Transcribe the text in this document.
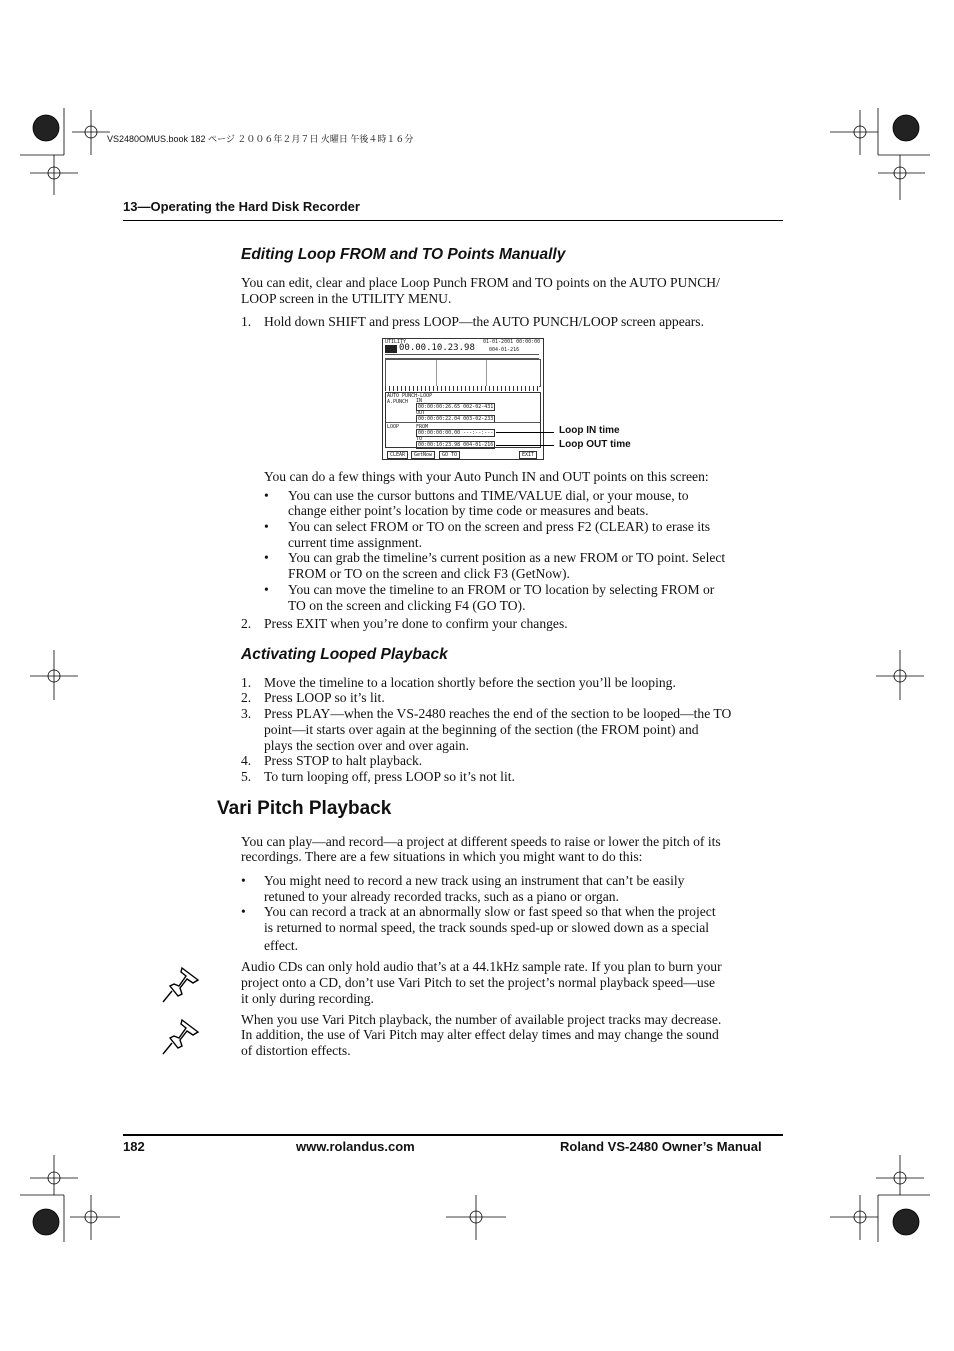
VS2480OMUS.book 182 ページ ２００６年２月７日 火曜日 午後４時１６分
13—Operating the Hard Disk Recorder
Editing Loop FROM and TO Points Manually
You can edit, clear and place Loop Punch FROM and TO points on the AUTO PUNCH/
LOOP screen in the UTILITY MENU.
1. Hold down SHIFT and press LOOP—the AUTO PUNCH/LOOP screen appears.
UTILITY	01-01-2001 00:00:00
00.00.10.23.98	004-01-216
AUTO PUNCH-LOOP
A.PUNCH IN
00:00:00:26.65 002-02-431
OUT
00:00:00:22.04 003-02-233
LOOP	FROM
00:00:00:00.00 ---:--:---
TO
00:00:10:23.98 004-01-216
CLEAR	GetNow	GO TO	EXIT
Loop IN time
Loop OUT time
You can do a few things with your Auto Punch IN and OUT points on this screen:
• You can use the cursor buttons and TIME/VALUE dial, or your mouse, to
change either point’s location by time code or measures and beats.
• You can select FROM or TO on the screen and press F2 (CLEAR) to erase its
current time assignment.
• You can grab the timeline’s current position as a new FROM or TO point. Select
FROM or TO on the screen and click F3 (GetNow).
• You can move the timeline to an FROM or TO location by selecting FROM or
TO on the screen and clicking F4 (GO TO).
2. Press EXIT when you’re done to confirm your changes.
Activating Looped Playback
1. Move the timeline to a location shortly before the section you’ll be looping.
2. Press LOOP so it’s lit.
3. Press PLAY—when the VS-2480 reaches the end of the section to be looped—the TO
point—it starts over again at the beginning of the section (the FROM point) and
plays the section over and over again.
4. Press STOP to halt playback.
5. To turn looping off, press LOOP so it’s not lit.
Vari Pitch Playback
You can play—and record—a project at different speeds to raise or lower the pitch of its
recordings. There are a few situations in which you might want to do this:
• You might need to record a new track using an instrument that can’t be easily
retuned to your already recorded tracks, such as a piano or organ.
• You can record a track at an abnormally slow or fast speed so that when the project
is returned to normal speed, the track sounds sped-up or slowed down as a special
effect.
Audio CDs can only hold audio that’s at a 44.1kHz sample rate. If you plan to burn your
project onto a CD, don’t use Vari Pitch to set the project’s normal playback speed—use
it only during recording.
When you use Vari Pitch playback, the number of available project tracks may decrease.
In addition, the use of Vari Pitch may alter effect delay times and may change the sound
of distortion effects.
182	www.rolandus.com	Roland VS-2480 Owner’s Manual
